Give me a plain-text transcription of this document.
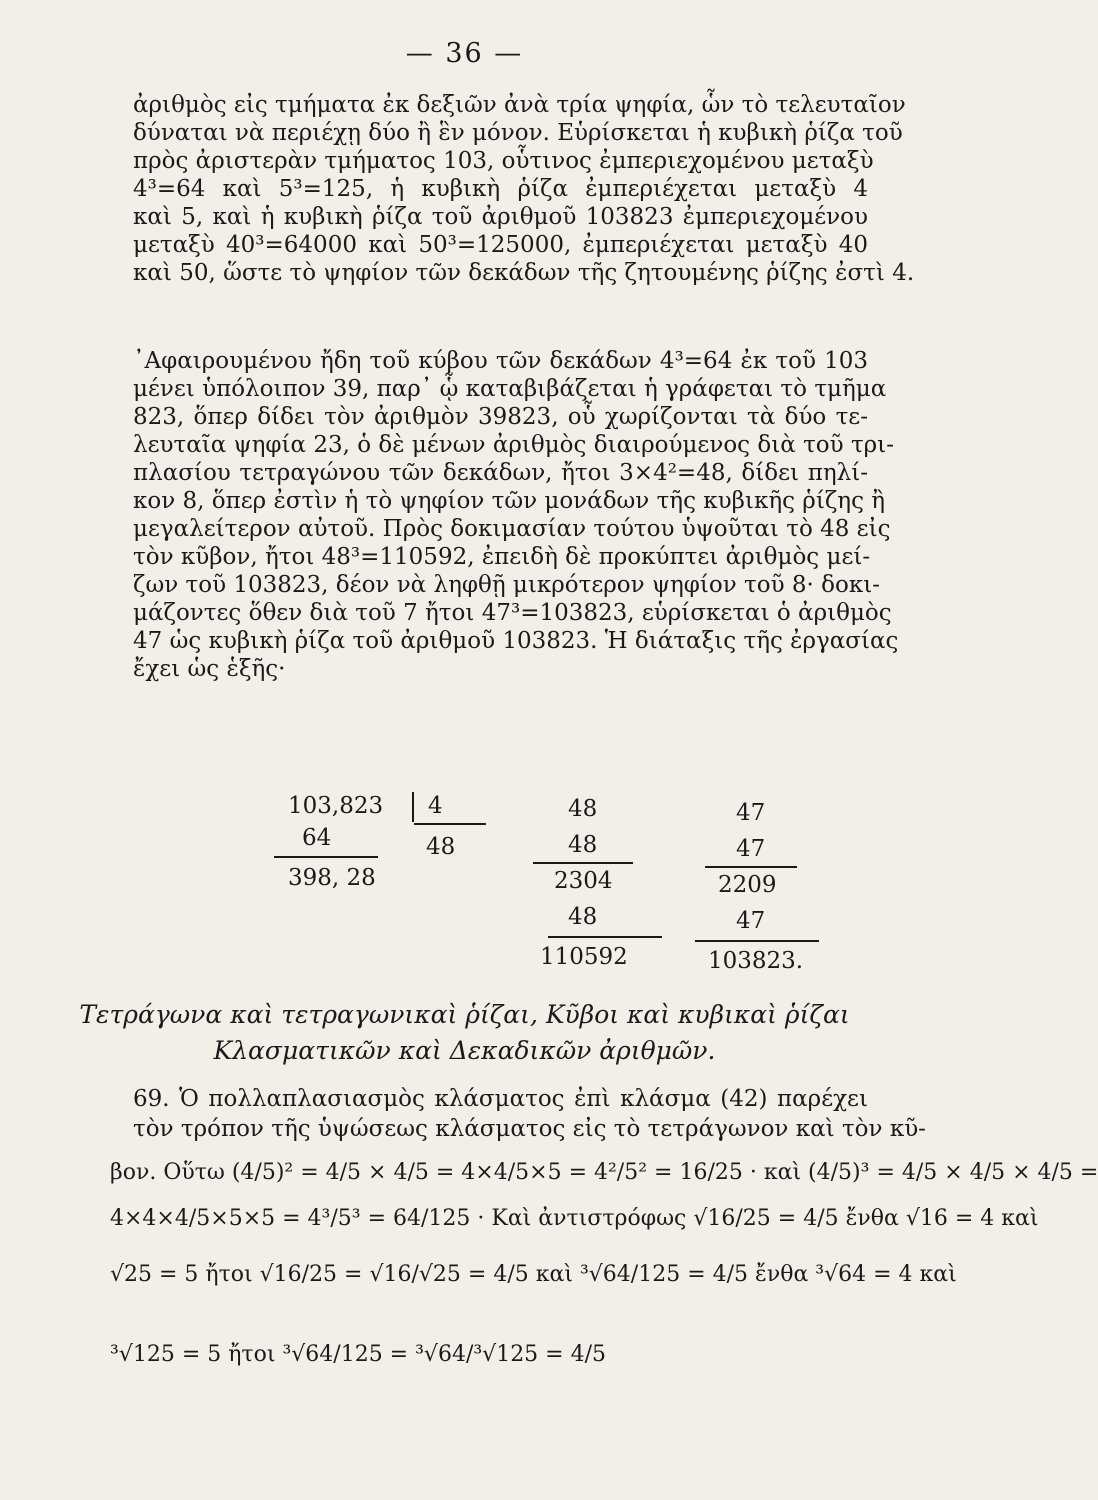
— 36 —
ἀριθμὸς εἰς τμήματα ἐκ δεξιῶν ἀνὰ τρία ψηφία, ὧν τὸ τελευταῖον
δύναται νὰ περιέχῃ δύο ἢ ἓν μόνον. Εὑρίσκεται ἡ κυβικὴ ῥίζα τοῦ
πρὸς ἀριστερὰν τμήματος 103, οὗτινος ἐμπεριεχομένου μεταξὺ
4³=64 καὶ 5³=125, ἡ κυβικὴ ῥίζα ἐμπεριέχεται μεταξὺ 4
καὶ 5, καὶ ἡ κυβικὴ ῥίζα τοῦ ἀριθμοῦ 103823 ἐμπεριεχομένου
μεταξὺ 40³=64000 καὶ 50³=125000, ἐμπεριέχεται μεταξὺ 40
καὶ 50, ὥστε τὸ ψηφίον τῶν δεκάδων τῆς ζητουμένης ῥίζης ἐστὶ 4.
᾿Αφαιρουμένου ἤδη τοῦ κύβου τῶν δεκάδων 4³=64 ἐκ τοῦ 103
μένει ὑπόλοιπον 39, παρ᾿ ᾧ καταβιβάζεται ἡ γράφεται τὸ τμῆμα
823, ὅπερ δίδει τὸν ἀριθμὸν 39823, οὗ χωρίζονται τὰ δύο τε-
λευταῖα ψηφία 23, ὁ δὲ μένων ἀριθμὸς διαιρούμενος διὰ τοῦ τρι-
πλασίου τετραγώνου τῶν δεκάδων, ἤτοι 3×4²=48, δίδει πηλί-
κον 8, ὅπερ ἐστὶν ἡ τὸ ψηφίον τῶν μονάδων τῆς κυβικῆς ῥίζης ἢ
μεγαλείτερον αὐτοῦ. Πρὸς δοκιμασίαν τούτου ὑψοῦται τὸ 48 εἰς
τὸν κῦβον, ἤτοι 48³=110592, ἐπειδὴ δὲ προκύπτει ἀριθμὸς μεί-
ζων τοῦ 103823, δέον νὰ ληφθῇ μικρότερον ψηφίον τοῦ 8· δοκι-
μάζοντες ὅθεν διὰ τοῦ 7 ἤτοι 47³=103823, εὑρίσκεται ὁ ἀριθμὸς
47 ὡς κυβικὴ ῥίζα τοῦ ἀριθμοῦ 103823. Ἡ διάταξις τῆς ἐργασίας
ἔχει ὡς ἑξῆς·
103,823 4
64	48
398, 28
48
48
2304
48
110592
47
47
2209
47
103823.
Τετράγωνα καὶ τετραγωνικαὶ ῥίζαι, Κῦβοι καὶ κυβικαὶ ῥίζαι
Κλασματικῶν καὶ Δεκαδικῶν ἀριθμῶν.
69. Ὁ πολλαπλασιασμὸς κλάσματος ἐπὶ κλάσμα (42) παρέχει
τὸν τρόπον τῆς ὑψώσεως κλάσματος εἰς τὸ τετράγωνον καὶ τὸν κῦ-
βον. Οὕτω (4/5)² = 4/5 × 4/5 = 4×4/5×5 = 4²/5² = 16/25 · καὶ (4/5)³ = 4/5 × 4/5 × 4/5 =
4×4×4/5×5×5 = 4³/5³ = 64/125 · Καὶ ἀντιστρόφως √16/25 = 4/5 ἔνθα √16 = 4 καὶ
√25 = 5 ἤτοι √16/25 = √16/√25 = 4/5 καὶ ³√64/125 = 4/5 ἔνθα ³√64 = 4 καὶ
³√125 = 5 ἤτοι ³√64/125 = ³√64/³√125 = 4/5
